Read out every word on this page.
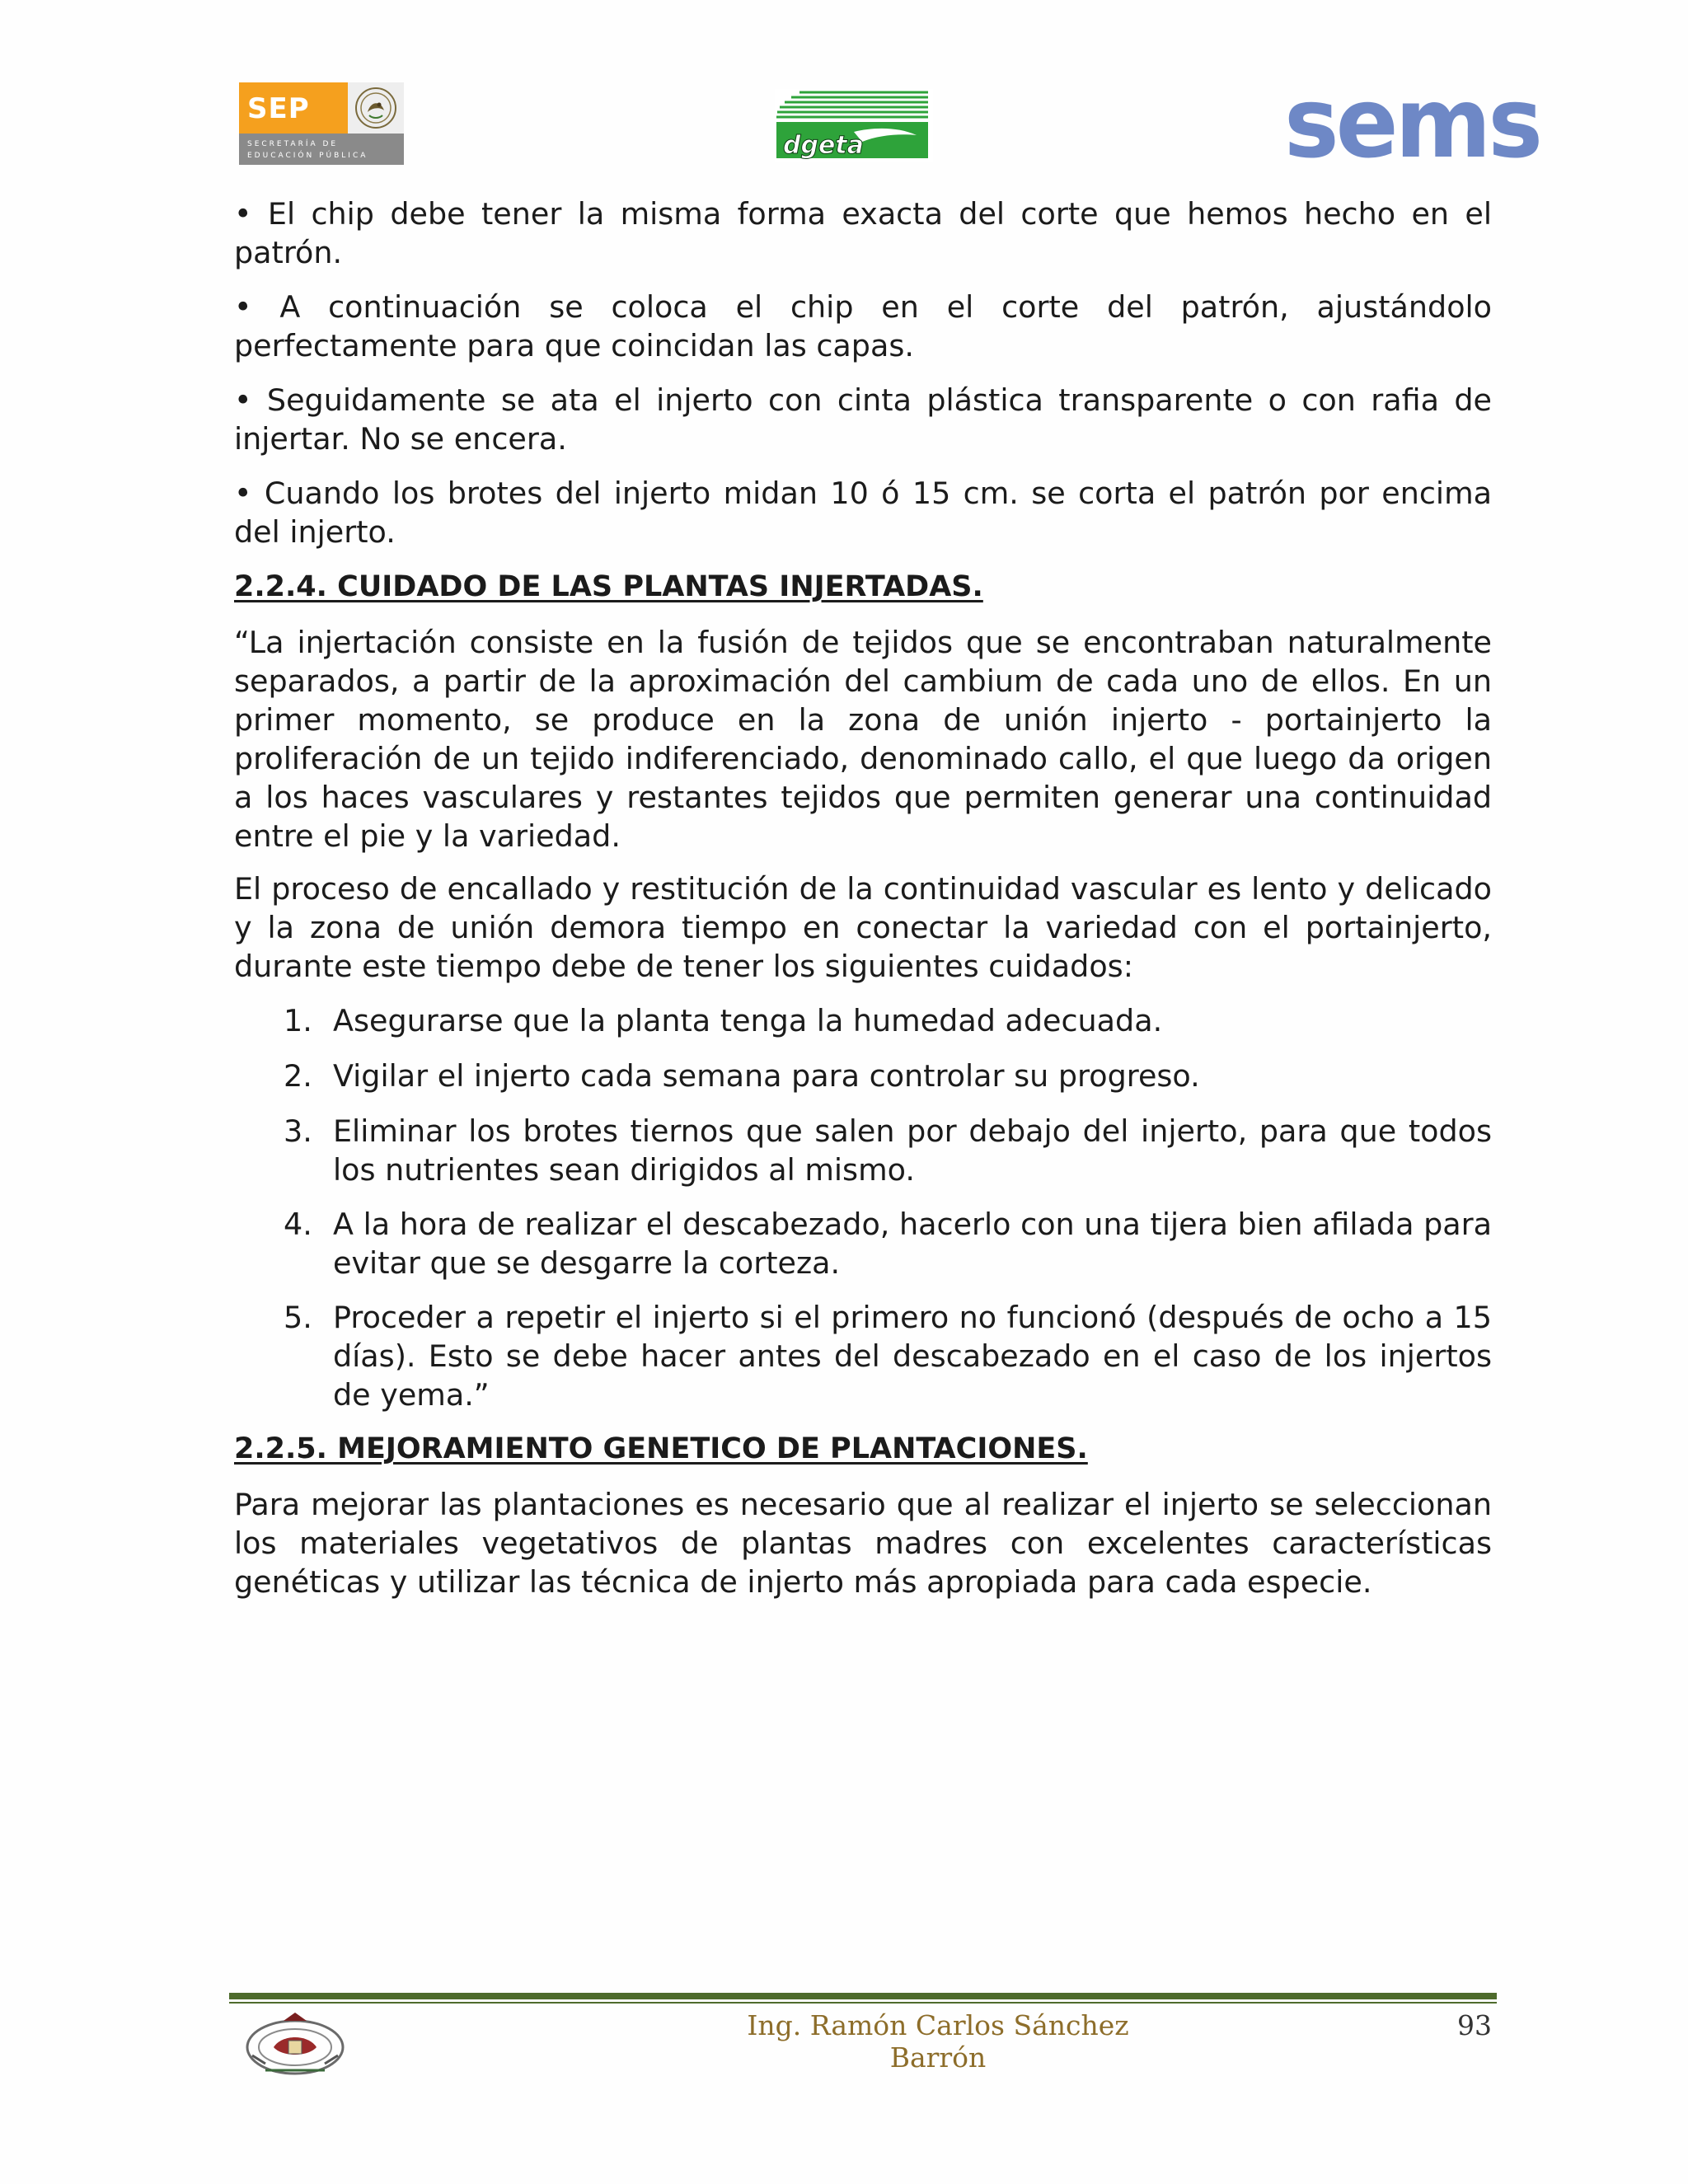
SEP
SECRETARÍA DE
EDUCACIÓN PÚBLICA	dgeta	sems
• El chip debe tener la misma forma exacta del corte que hemos hecho en el patrón.
• A continuación se coloca el chip en el corte del patrón, ajustándolo perfectamente para que coincidan las capas.
• Seguidamente se ata el injerto con cinta plástica transparente o con rafia de injertar. No se encera.
• Cuando los brotes del injerto midan 10 ó 15 cm. se corta el patrón por encima del injerto.
2.2.4. CUIDADO DE LAS PLANTAS INJERTADAS.
“La injertación consiste en la fusión de tejidos que se encontraban naturalmente separados, a partir de la aproximación del cambium de cada uno de ellos. En un primer momento, se produce en la zona de unión injerto - portainjerto la proliferación de un tejido indiferenciado, denominado callo, el que luego da origen a los haces vasculares y restantes tejidos que permiten generar una continuidad entre el pie y la variedad.
El proceso de encallado y restitución de la continuidad vascular es lento y delicado y la zona de unión demora tiempo en conectar la variedad con el portainjerto, durante este tiempo debe de tener los siguientes cuidados:
1. Asegurarse que la planta tenga la humedad adecuada.
2. Vigilar el injerto cada semana para controlar su progreso.
3. Eliminar los brotes tiernos que salen por debajo del injerto, para que todos los nutrientes sean dirigidos al mismo.
4. A la hora de realizar el descabezado, hacerlo con una tijera bien afilada para evitar que se desgarre la corteza.
5. Proceder a repetir el injerto si el primero no funcionó (después de ocho a 15 días). Esto se debe hacer antes del descabezado en el caso de los injertos de yema.”
2.2.5. MEJORAMIENTO GENETICO DE PLANTACIONES.
Para mejorar las plantaciones es necesario que al realizar el injerto se seleccionan los materiales vegetativos de plantas madres con excelentes características genéticas y utilizar las técnica de injerto más apropiada para cada especie.
Ing. Ramón Carlos Sánchez Barrón
93
